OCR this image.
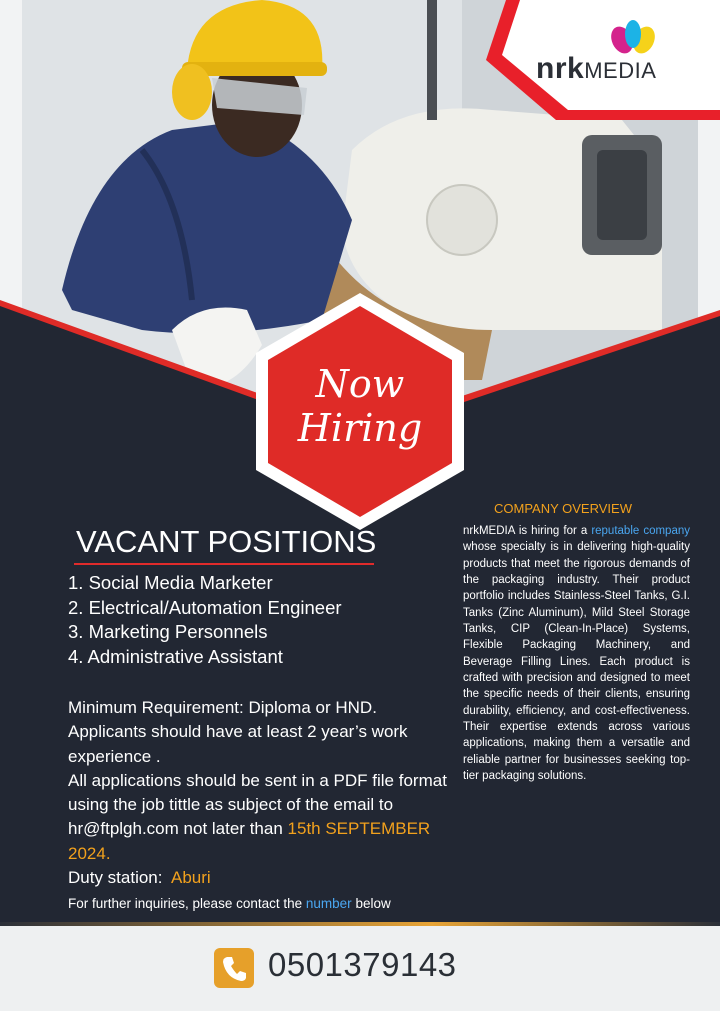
nrkMEDIA
Now
Hiring
VACANT POSITIONS
1. Social Media Marketer
2. Electrical/Automation Engineer
3. Marketing Personnels
4. Administrative Assistant

Minimum Requirement: Diploma or HND.

Applicants should have at least 2 year’s work experience .

All applications should be sent in a PDF file format using the job tittle as subject of the email to hr@ftplgh.com not later than 15th SEPTEMBER 2024.

Duty station: Aburi

COMPANY OVERVIEW
nrkMEDIA is hiring for a reputable company whose specialty is in delivering high-quality products that meet the rigorous demands of the packaging industry. Their product portfolio includes Stainless-Steel Tanks, G.I. Tanks (Zinc Aluminum), Mild Steel Storage Tanks, CIP (Clean-In-Place) Systems, Flexible Packaging Machinery, and Beverage Filling Lines. Each product is crafted with precision and designed to meet the specific needs of their clients, ensuring durability, efficiency, and cost-effectiveness. Their expertise extends across various applications, making them a versatile and reliable partner for businesses seeking top-tier packaging solutions.
For further inquiries, please contact the number below
0501379143
